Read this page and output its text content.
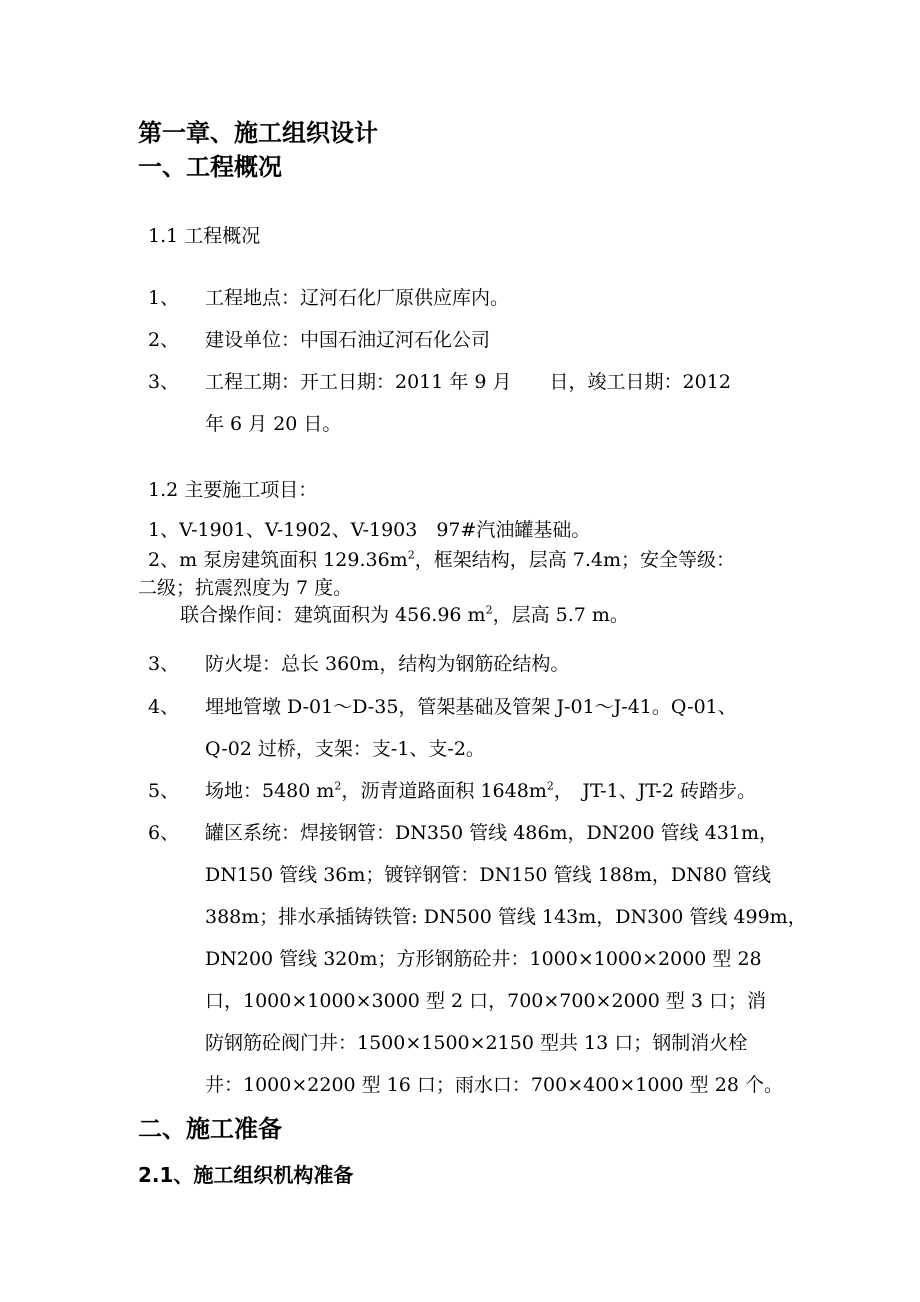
第一章、施工组织设计
一、工程概况
1.1 工程概况
1、 工程地点：辽河石化厂原供应库内。
2、 建设单位：中国石油辽河石化公司
3、 工程工期：开工日期：2011 年 9 月　　日，竣工日期：2012
年 6 月 20 日。
1.2 主要施工项目：
1、V-1901、V-1902、V-1903　97#汽油罐基础。
2、m 泵房建筑面积 $129.36m^2$，框架结构，层高 7.4m；安全等级：
二级；抗震烈度为 7 度。
联合操作间：建筑面积为 456.96 $m^2$，层高 5.7 m。
3、 防火堤：总长 360m，结构为钢筋砼结构。
4、 埋地管墩 D-01～D-35，管架基础及管架 J-01～J-41。Q-01、
Q-02 过桥，支架：支-1、支-2。
5、 场地：5480 $m^2$，沥青道路面积 $1648m^2$，　JT-1、JT-2 砖踏步。
6、 罐区系统：焊接钢管：DN350 管线 486m，DN200 管线 431m，
DN150 管线 36m；镀锌钢管：DN150 管线 188m，DN80 管线
388m；排水承插铸铁管: DN500 管线 143m，DN300 管线 499m，
DN200 管线 320m；方形钢筋砼井：1000×1000×2000 型 28
口，1000×1000×3000 型 2 口，700×700×2000 型 3 口；消
防钢筋砼阀门井：1500×1500×2150 型共 13 口；钢制消火栓
井：1000×2200 型 16 口；雨水口：700×400×1000 型 28 个。
二、施工准备
2.1、施工组织机构准备
